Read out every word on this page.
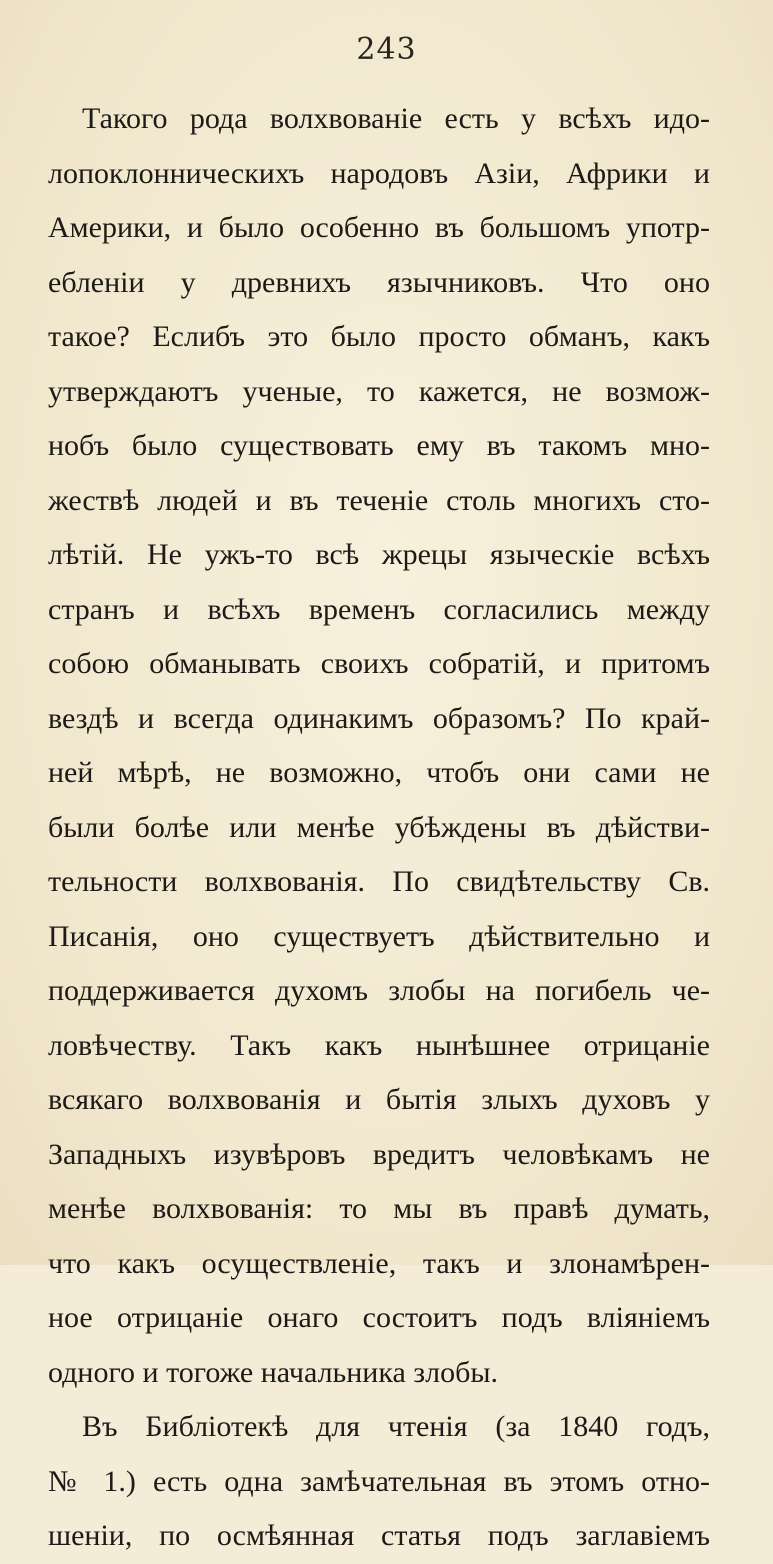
243
Такого рода волхвованіе есть у всѣхъ идо-
лопоклонническихъ народовъ Азіи, Африки и
Америки, и было особенно въ большомъ употр-
ебленіи у древнихъ язычниковъ. Что оно
такое? Еслибъ это было просто обманъ, какъ
утверждаютъ ученые, то кажется, не возмож-
нобъ было существовать ему въ такомъ мно-
жествѣ людей и въ теченіе столь многихъ сто-
лѣтій. Не ужъ-то всѣ жрецы языческіе всѣхъ
странъ и всѣхъ временъ согласились между
собою обманывать своихъ собратій, и притомъ
вездѣ и всегда одинакимъ образомъ? По край-
ней мѣрѣ, не возможно, чтобъ они сами не
были болѣе или менѣе убѣждены въ дѣйстви-
тельности волхвованія. По свидѣтельству Св.
Писанія, оно существуетъ дѣйствительно и
поддерживается духомъ злобы на погибель че-
ловѣчеству. Такъ какъ нынѣшнее отрицаніе
всякаго волхвованія и бытія злыхъ духовъ у
Западныхъ изувѣровъ вредитъ человѣкамъ не
менѣе волхвованія: то мы въ правѣ думать,
что какъ осуществленіе, такъ и злонамѣрен-
ное отрицаніе онаго состоитъ подъ вліяніемъ
одного и тогоже начальника злобы.
Въ Библіотекѣ для чтенія (за 1840 годъ,
№ 1.) есть одна замѣчательная въ этомъ отно-
шеніи, по осмѣянная статья подъ заглавіемъ
